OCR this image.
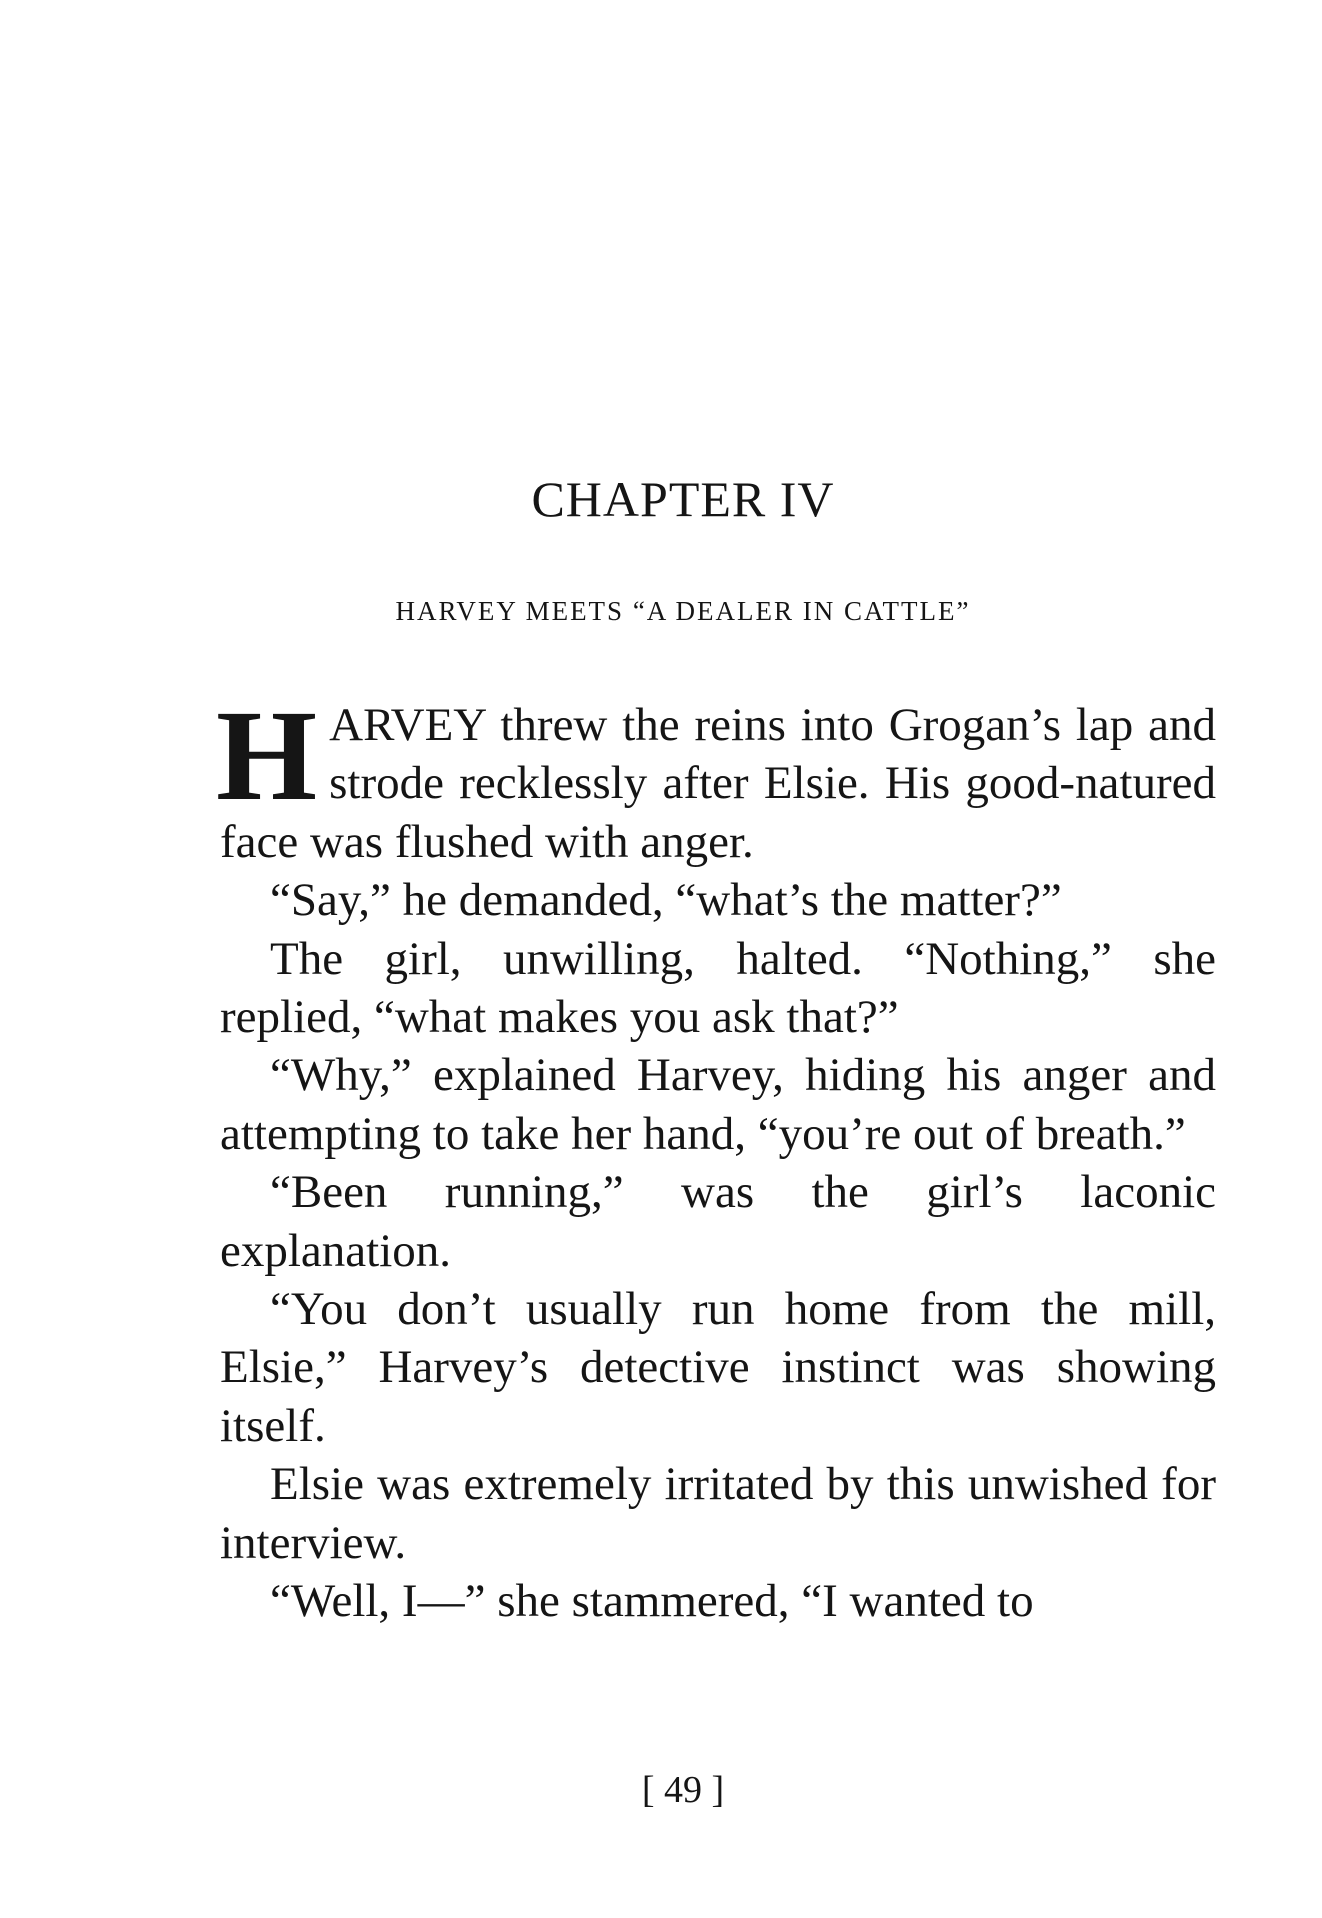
CHAPTER IV
HARVEY MEETS “A DEALER IN CATTLE”

HARVEY threw the reins into Grogan’s lap and strode recklessly after Elsie. His good-natured face was flushed with anger.

“Say,” he demanded, “what’s the matter?”

The girl, unwilling, halted. “Nothing,” she replied, “what makes you ask that?”

“Why,” explained Harvey, hiding his anger and attempting to take her hand, “you’re out of breath.”

“Been running,” was the girl’s laconic explanation.

“You don’t usually run home from the mill, Elsie,” Harvey’s detective instinct was showing itself.

Elsie was extremely irritated by this unwished for interview.

“Well, I—” she stammered, “I wanted to

[ 49 ]
